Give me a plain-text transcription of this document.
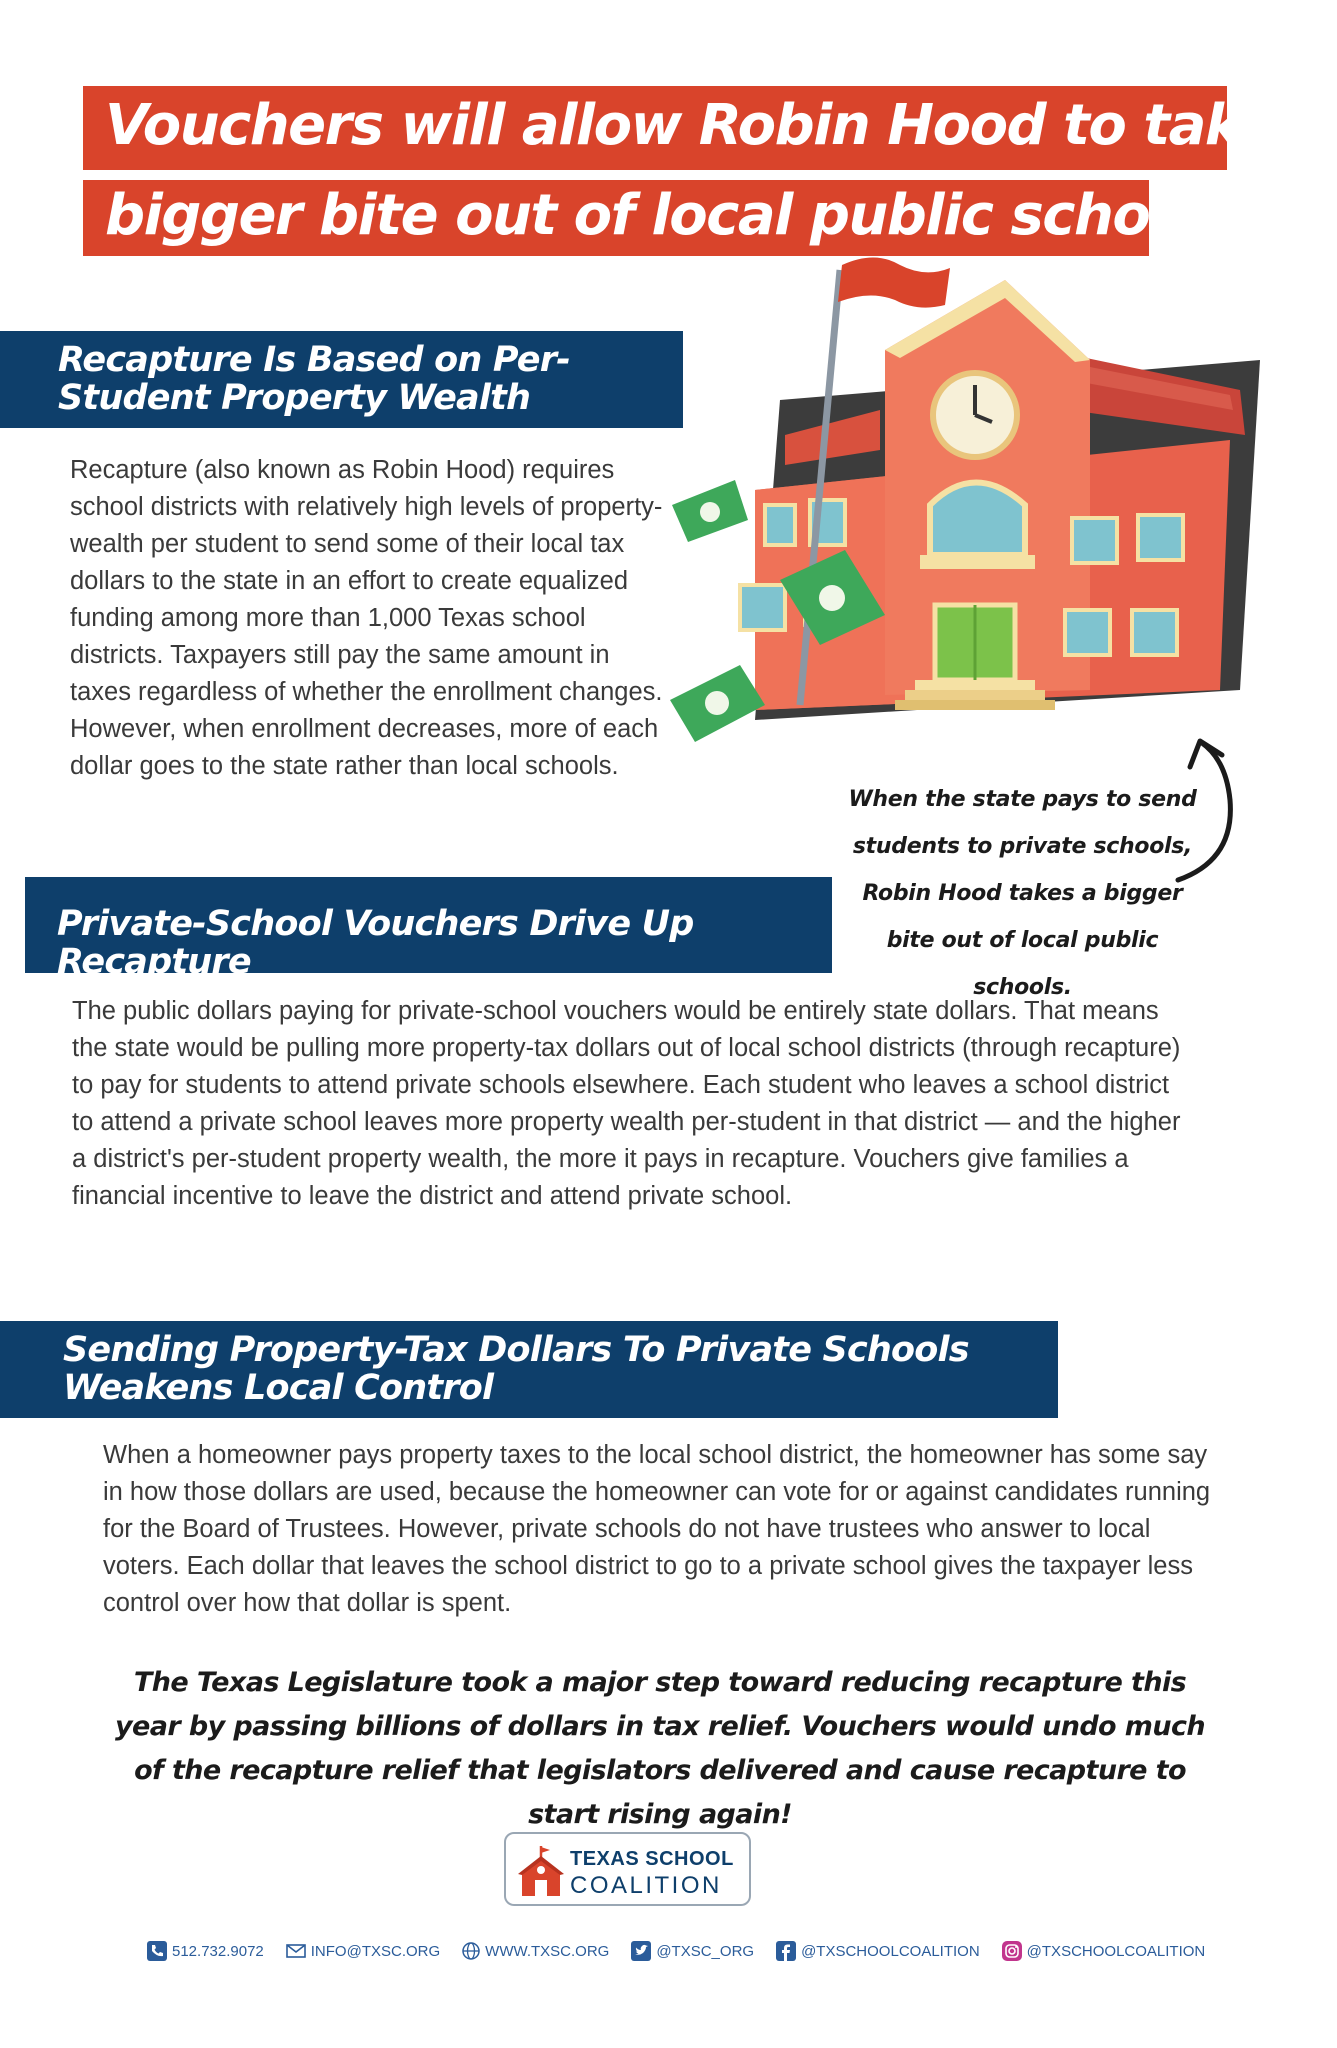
Vouchers will allow Robin Hood to take a
bigger bite out of local public schools.
Recapture Is Based on Per-Student Property Wealth

Recapture (also known as Robin Hood) requires school districts with relatively high levels of property-wealth per student to send some of their local tax dollars to the state in an effort to create equalized funding among more than 1,000 Texas school districts. Taxpayers still pay the same amount in taxes regardless of whether the enrollment changes. However, when enrollment decreases, more of each dollar goes to the state rather than local schools.

When the state pays to send students to private schools, Robin Hood takes a bigger bite out of local public schools.
Private-School Vouchers Drive Up Recapture

The public dollars paying for private-school vouchers would be entirely state dollars. That means the state would be pulling more property-tax dollars out of local school districts (through recapture) to pay for students to attend private schools elsewhere. Each student who leaves a school district to attend a private school leaves more property wealth per-student in that district — and the higher a district's per-student property wealth, the more it pays in recapture. Vouchers give families a financial incentive to leave the district and attend private school.

Sending Property-Tax Dollars To Private Schools Weakens Local Control

When a homeowner pays property taxes to the local school district, the homeowner has some say in how those dollars are used, because the homeowner can vote for or against candidates running for the Board of Trustees. However, private schools do not have trustees who answer to local voters. Each dollar that leaves the school district to go to a private school gives the taxpayer less control over how that dollar is spent.

The Texas Legislature took a major step toward reducing recapture this year by passing billions of dollars in tax relief. Vouchers would undo much of the recapture relief that legislators delivered and cause recapture to start rising again!
TEXAS SCHOOL
COALITION
512.732.9072	INFO@TXSC.ORG	WWW.TXSC.ORG	@TXSC_ORG	@TXSCHOOLCOALITION	@TXSCHOOLCOALITION
